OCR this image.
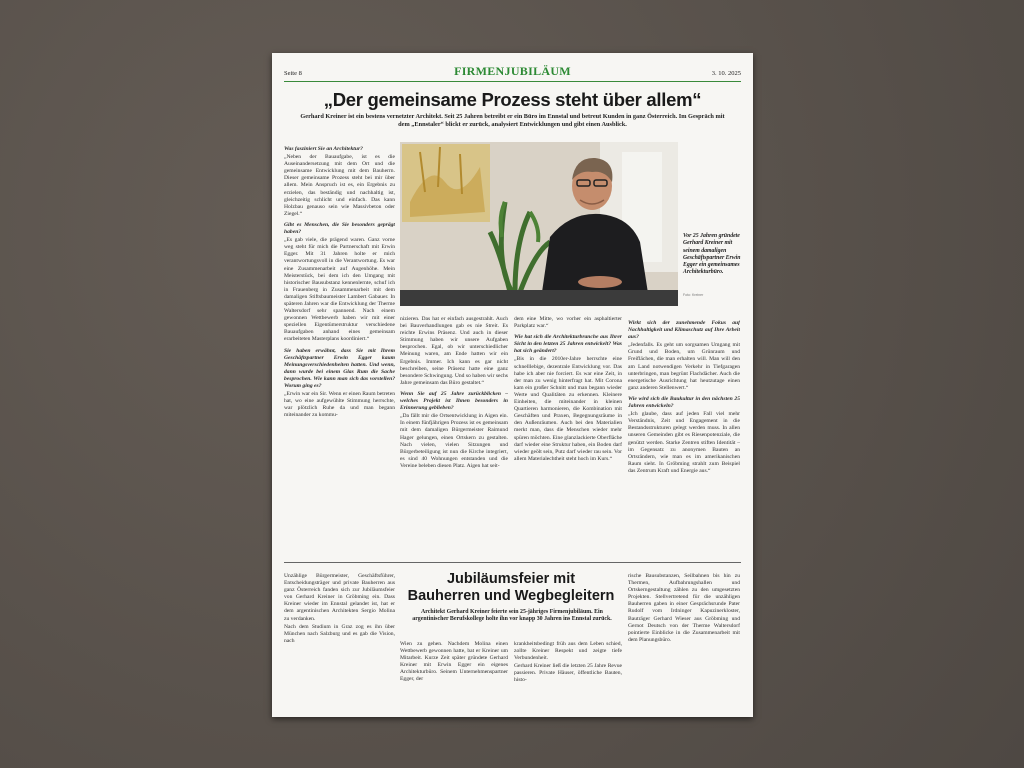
Seite 8	FIRMENJUBILÄUM	3. 10. 2025
„Der gemeinsame Prozess steht über allem“
Gerhard Kreiner ist ein bestens vernetzter Architekt. Seit 25 Jahren betreibt er ein Büro im Ennstal und betreut Kunden in ganz Österreich. Im Gespräch mit dem „Ennstaler“ blickt er zurück, analysiert Entwicklungen und gibt einen Ausblick.
Was fasziniert Sie an Architektur?

„Neben der Bauaufgabe, ist es die Auseinandersetzung mit dem Ort und die gemeinsame Entwicklung mit dem Bauherrn. Dieser gemeinsame Prozess steht bei mir über allem. Mein Anspruch ist es, ein Ergebnis zu erzielen, das beständig und nachhaltig ist, gleichzeitig schlicht und einfach. Das kann Holzbau genauso sein wie Massivbeton oder Ziegel.“

Gibt es Menschen, die Sie besonders geprägt haben?

„Es gab viele, die prägend waren. Ganz vorne weg steht für mich die Partnerschaft mit Erwin Egger. Mit 31 Jahren holte er mich verantwortungsvoll in die Verantwortung. Es war eine Zusammenarbeit auf Augenhöhe. Mein Meisterstück, bei dem ich den Umgang mit historischer Bausubstanz kennenlernte, schuf ich in Frauenberg in Zusammenarbeit mit dem damaligen Stiftsbaumeister Lambert Gabauer. In späteren Jahren war die Entwicklung der Therme Waltersdorf sehr spannend. Nach einem gewonnen Wettbewerb haben wir mit einer speziellen Eigentümerstruktur verschiedene Bauaufgaben anhand eines gemeinsam erarbeiteten Masterplans koordiniert.“

Sie haben erwähnt, dass Sie mit Ihrem Geschäftspartner Erwin Egger kaum Meinungsverschiedenheiten hatten. Und wenn, dann wurde bei einem Glas Rum die Sache besprochen. Wie kann man sich das vorstellen? Worum ging es?

„Erwin war ein Sir. Wenn er einen Raum betreten hat, wo eine aufgewühlte Stimmung herrschte, war plötzlich Ruhe da und man begann miteinander zu kommu-

Vor 25 Jahren gründete Gerhard Kreiner mit seinem damaligen Geschäftspartner Erwin Egger ein gemeinsames Architekturbüro.
Foto: Kreiner

nizieren. Das hat er einfach ausgestrahlt. Auch bei Bauverhandlungen gab es nie Streit. Es reichte Erwins Präsenz. Und auch in dieser Stimmung haben wir unsere Aufgaben besprochen. Egal, ob wir unterschiedlicher Meinung waren, am Ende hatten wir ein Ergebnis. Immer. Ich kann es gar nicht beschreiben, seine Präsenz hatte eine ganz besondere Schwingung. Und so haben wir sechs Jahre gemeinsam das Büro gestaltet.“

Wenn Sie auf 25 Jahre zurückblicken – welches Projekt ist Ihnen besonders in Erinnerung geblieben?

„Da fällt mir die Ortsentwicklung in Aigen ein. In einem fünfjährigen Prozess ist es gemeinsam mit dem damaligen Bürgermeister Raimund Hager gelungen, einen Ortskern zu gestalten. Nach vielen, vielen Sitzungen und Bürgerbeteiligung ist nun die Kirche integriert, es sind 40 Wohnungen entstanden und die Vereine beleben diesen Platz. Aigen hat seit-

dem eine Mitte, wo vorher ein asphaltierter Parkplatz war.“

Wie hat sich die Architekturbranche aus Ihrer Sicht in den letzten 25 Jahren entwickelt? Was hat sich geändert?

„Bis in die 2010er-Jahre herrschte eine schnelllebige, dezentrale Entwicklung vor. Das habe ich aber nie forciert. Es war eine Zeit, in der man zu wenig hinterfragt hat. Mit Corona kam ein großer Schnitt und man begann wieder Werte und Qualitäten zu erkennen. Kleinere Einheiten, die miteinander in kleinen Quartieren harmonieren, die Kombination mit Geschäften und Praxen, Begegnungsräume in den Außenräumen. Auch bei den Materialien merkt man, dass die Menschen wieder mehr spüren möchten. Eine glanzlackierte Oberfläche darf wieder eine Struktur haben, ein Boden darf wieder geölt sein, Putz darf wieder rau sein. Vor allem Materialechtheit steht hoch im Kurs.“

Wirkt sich der zunehmende Fokus auf Nachhaltigkeit und Klimaschutz auf Ihre Arbeit aus?

„Jedenfalls. Es geht um sorgsamen Umgang mit Grund und Boden, um Grünraum und Freiflächen, die man erhalten will. Man will den am Land notwendigen Verkehr in Tiefgaragen unterbringen, man begrünt Flachdächer. Auch die energetische Ausrichtung hat heutzutage einen ganz anderen Stellenwert.“

Wie wird sich die Baukultur in den nächsten 25 Jahren entwickeln?

„Ich glaube, dass auf jeden Fall viel mehr Verständnis, Zeit und Engagement in die Bestandsstrukturen gelegt werden muss. In allen unseren Gemeinden gibt es Riesenpotenziale, die genützt werden. Starke Zentren stiften Identität – im Gegensatz zu anonymen Bauten an Ortsrändern, wie man es im amerikanischen Raum sieht. In Gröbming strahlt zum Beispiel das Zentrum Kraft und Energie aus.“

Jubiläumsfeier mit
Bauherren und Wegbegleitern
Architekt Gerhard Kreiner feierte sein 25-jähriges Firmenjubiläum. Ein argentinischer Berufskollege holte ihn vor knapp 30 Jahren ins Ennstal zurück.

Unzählige Bürgermeister, Geschäftsführer, Entscheidungsträger und private Bauherren aus ganz Österreich fanden sich zur Jubiläumsfeier von Gerhard Kreiner in Gröbming ein. Dass Kreiner wieder im Ennstal gelandet ist, hat er dem argentinischen Architekten Sergio Molina zu verdanken.

Nach dem Studium in Graz zog es ihn über München nach Salzburg und es gab die Vision, nach

Wien zu gehen. Nachdem Molina einen Wettbewerb gewonnen hatte, bat er Kreiner um Mitarbeit. Kurze Zeit später gründete Gerhard Kreiner mit Erwin Egger ein eigenes Architekturbüro. Seinem Unternehmenspartner Egger, der

krankheitsbedingt früh aus dem Leben schied, zollte Kreiner Respekt und zeigte tiefe Verbundenheit.

Gerhard Kreiner ließ die letzten 25 Jahre Revue passieren. Private Häuser, öffentliche Bauten, histo-

rische Bausubstanzen, Seilbahnen bis hin zu Thermen, Aufbahrungshallen und Ortskerngestaltung zählen zu den umgesetzten Projekten. Stellvertretend für die unzähligen Bauherren gaben in einer Gesprächsrunde Pater Rudolf vom Irdninger Kapuzinerkloster, Bauträger Gerhard Wieser aus Gröbming und Gernot Deutsch von der Therme Waltersdorf pointierte Einblicke in die Zusammenarbeit mit dem Planungsbüro.
